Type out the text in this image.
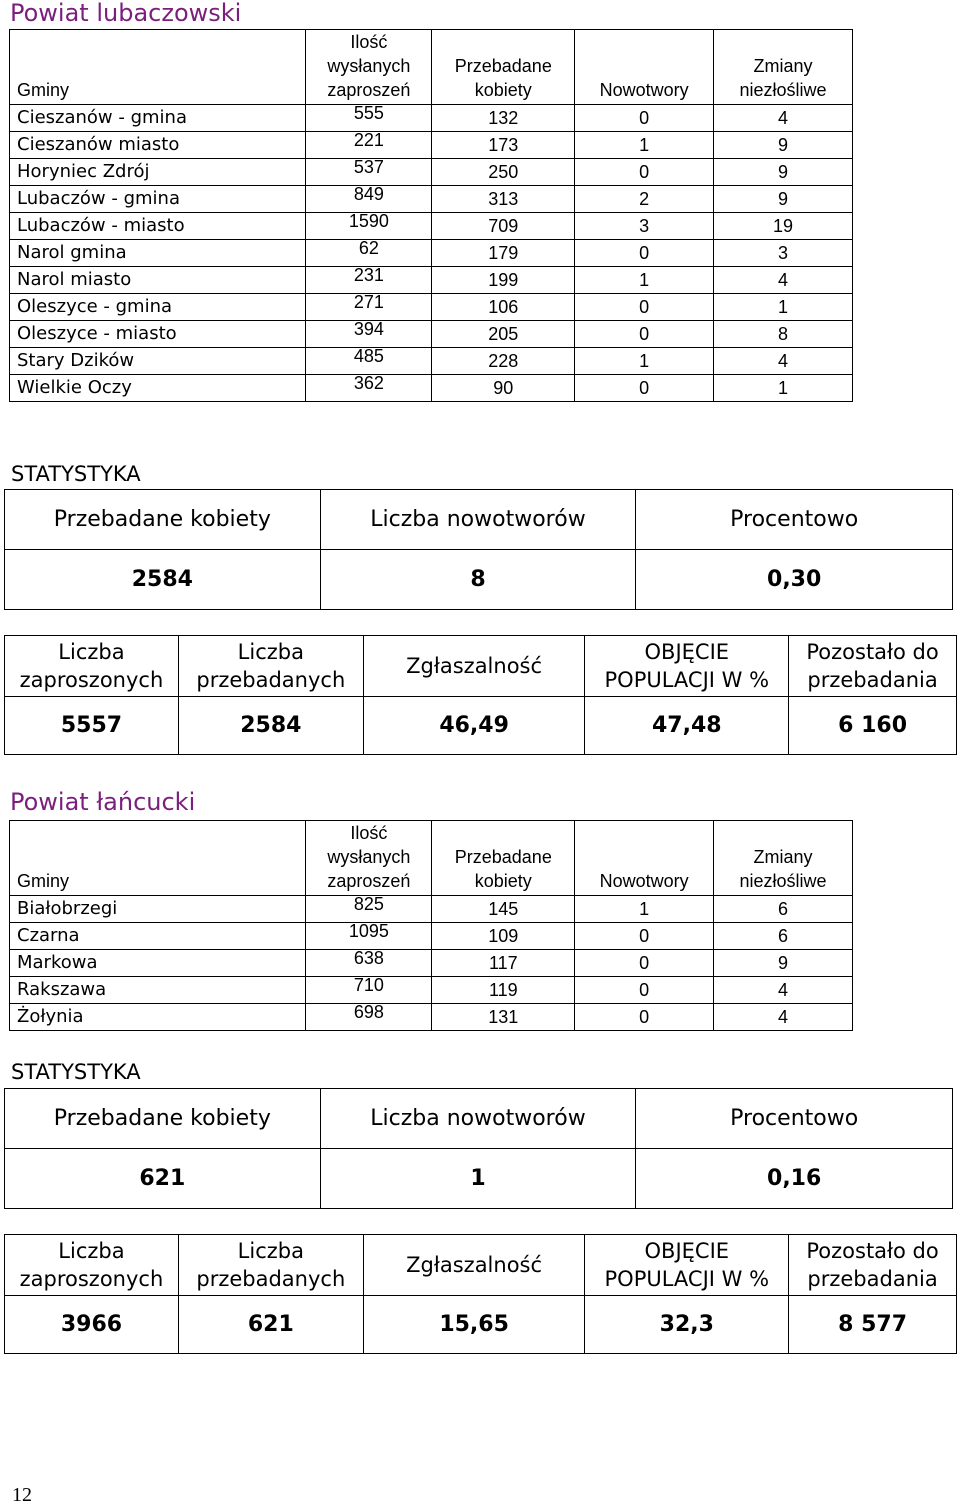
Powiat lubaczowski
Gminy	Ilość wysłanych zaproszeń	Przebadane kobiety	Nowotwory	Zmiany niezłośliwe
Cieszanów - gmina	555	132	0	4
Cieszanów miasto	221	173	1	9
Horyniec Zdrój	537	250	0	9
Lubaczów - gmina	849	313	2	9
Lubaczów - miasto	1590	709	3	19
Narol gmina	62	179	0	3
Narol miasto	231	199	1	4
Oleszyce - gmina	271	106	0	1
Oleszyce - miasto	394	205	0	8
Stary Dzików	485	228	1	4
Wielkie Oczy	362	90	0	1
STATYSTYKA
Przebadane kobiety	Liczba nowotworów	Procentowo
2584	8	0,30
Liczba zaproszonych	Liczba przebadanych	Zgłaszalność	OBJĘCIE POPULACJI W %	Pozostało do przebadania
5557	2584	46,49	47,48	6 160
Powiat łańcucki
Gminy	Ilość wysłanych zaproszeń	Przebadane kobiety	Nowotwory	Zmiany niezłośliwe
Białobrzegi	825	145	1	6
Czarna	1095	109	0	6
Markowa	638	117	0	9
Rakszawa	710	119	0	4
Żołynia	698	131	0	4
STATYSTYKA
Przebadane kobiety	Liczba nowotworów	Procentowo
621	1	0,16
Liczba zaproszonych	Liczba przebadanych	Zgłaszalność	OBJĘCIE POPULACJI W %	Pozostało do przebadania
3966	621	15,65	32,3	8 577
12
